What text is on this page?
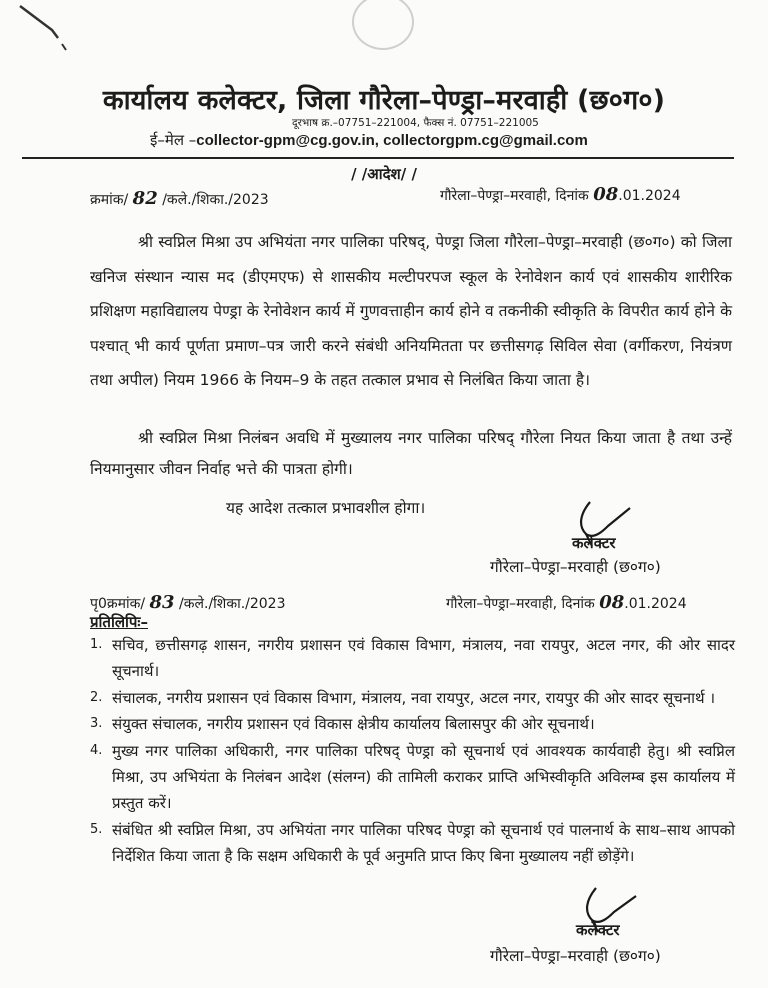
कार्यालय कलेक्टर, जिला गौरेला–पेण्ड्रा–मरवाही (छ०ग०)
दूरभाष क्र.–07751–221004, फैक्स नं. 07751–221005
ई–मेल –collector-gpm@cg.gov.in, collectorgpm.cg@gmail.com
/ /आदेश/ /
क्रमांक/ 82 /कले./शिका./2023	गौरेला–पेण्ड्रा–मरवाही, दिनांक 08.01.2024
श्री स्वप्निल मिश्रा उप अभियंता नगर पालिका परिषद्, पेण्ड्रा जिला गौरेला–पेण्ड्रा–मरवाही (छ०ग०) को जिला खनिज संस्थान न्यास मद (डीएमएफ) से शासकीय मल्टीपरपज स्कूल के रेनोवेशन कार्य एवं शासकीय शारीरिक प्रशिक्षण महाविद्यालय पेण्ड्रा के रेनोवेशन कार्य में गुणवत्ताहीन कार्य होने व तकनीकी स्वीकृति के विपरीत कार्य होने के पश्चात् भी कार्य पूर्णता प्रमाण–पत्र जारी करने संबंधी अनियमितता पर छत्तीसगढ़ सिविल सेवा (वर्गीकरण, नियंत्रण तथा अपील) नियम 1966 के नियम–9 के तहत तत्काल प्रभाव से निलंबित किया जाता है।
श्री स्वप्निल मिश्रा निलंबन अवधि में मुख्यालय नगर पालिका परिषद् गौरेला नियत किया जाता है तथा उन्हें नियमानुसार जीवन निर्वाह भत्ते की पात्रता होगी।
यह आदेश तत्काल प्रभावशील होगा।
कलेक्टर
गौरेला–पेण्ड्रा–मरवाही (छ०ग०)
पृ0क्रमांक/ 83 /कले./शिका./2023	गौरेला–पेण्ड्रा–मरवाही, दिनांक 08.01.2024
प्रतिलिपिः–
1. सचिव, छत्तीसगढ़ शासन, नगरीय प्रशासन एवं विकास विभाग, मंत्रालय, नवा रायपुर, अटल नगर, की ओर सादर सूचनार्थ।
2. संचालक, नगरीय प्रशासन एवं विकास विभाग, मंत्रालय, नवा रायपुर, अटल नगर, रायपुर की ओर सादर सूचनार्थ ।
3. संयुक्त संचालक, नगरीय प्रशासन एवं विकास क्षेत्रीय कार्यालय बिलासपुर की ओर सूचनार्थ।
4. मुख्य नगर पालिका अधिकारी, नगर पालिका परिषद् पेण्ड्रा को सूचनार्थ एवं आवश्यक कार्यवाही हेतु। श्री स्वप्निल मिश्रा, उप अभियंता के निलंबन आदेश (संलग्न) की तामिली कराकर प्राप्ति अभिस्वीकृति अविलम्ब इस कार्यालय में प्रस्तुत करें।
5. संबंधित श्री स्वप्निल मिश्रा, उप अभियंता नगर पालिका परिषद पेण्ड्रा को सूचनार्थ एवं पालनार्थ के साथ–साथ आपको निर्देशित किया जाता है कि सक्षम अधिकारी के पूर्व अनुमति प्राप्त किए बिना मुख्यालय नहीं छोड़ेंगे।
कलेक्टर
गौरेला–पेण्ड्रा–मरवाही (छ०ग०)
